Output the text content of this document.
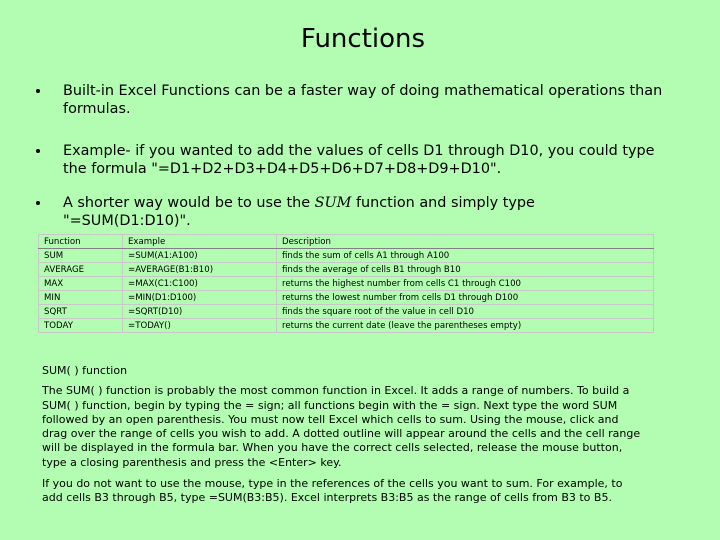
Functions
Built-in Excel Functions can be a faster way of doing mathematical operations than formulas.
Example- if you wanted to add the values of cells D1 through D10, you could type the formula "=D1+D2+D3+D4+D5+D6+D7+D8+D9+D10".
A shorter way would be to use the SUM function and simply type "=SUM(D1:D10)".
Function	Example	Description
SUM	=SUM(A1:A100)	finds the sum of cells A1 through A100
AVERAGE	=AVERAGE(B1:B10)	finds the average of cells B1 through B10
MAX	=MAX(C1:C100)	returns the highest number from cells C1 through C100
MIN	=MIN(D1:D100)	returns the lowest number from cells D1 through D100
SQRT	=SQRT(D10)	finds the square root of the value in cell D10
TODAY	=TODAY()	returns the current date (leave the parentheses empty)

SUM( ) function

The SUM( ) function is probably the most common function in Excel. It adds a range of numbers. To build a SUM( ) function, begin by typing the = sign; all functions begin with the = sign. Next type the word SUM followed by an open parenthesis. You must now tell Excel which cells to sum. Using the mouse, click and drag over the range of cells you wish to add. A dotted outline will appear around the cells and the cell range will be displayed in the formula bar. When you have the correct cells selected, release the mouse button, type a closing parenthesis and press the <Enter> key.

If you do not want to use the mouse, type in the references of the cells you want to sum. For example, to add cells B3 through B5, type =SUM(B3:B5). Excel interprets B3:B5 as the range of cells from B3 to B5.
